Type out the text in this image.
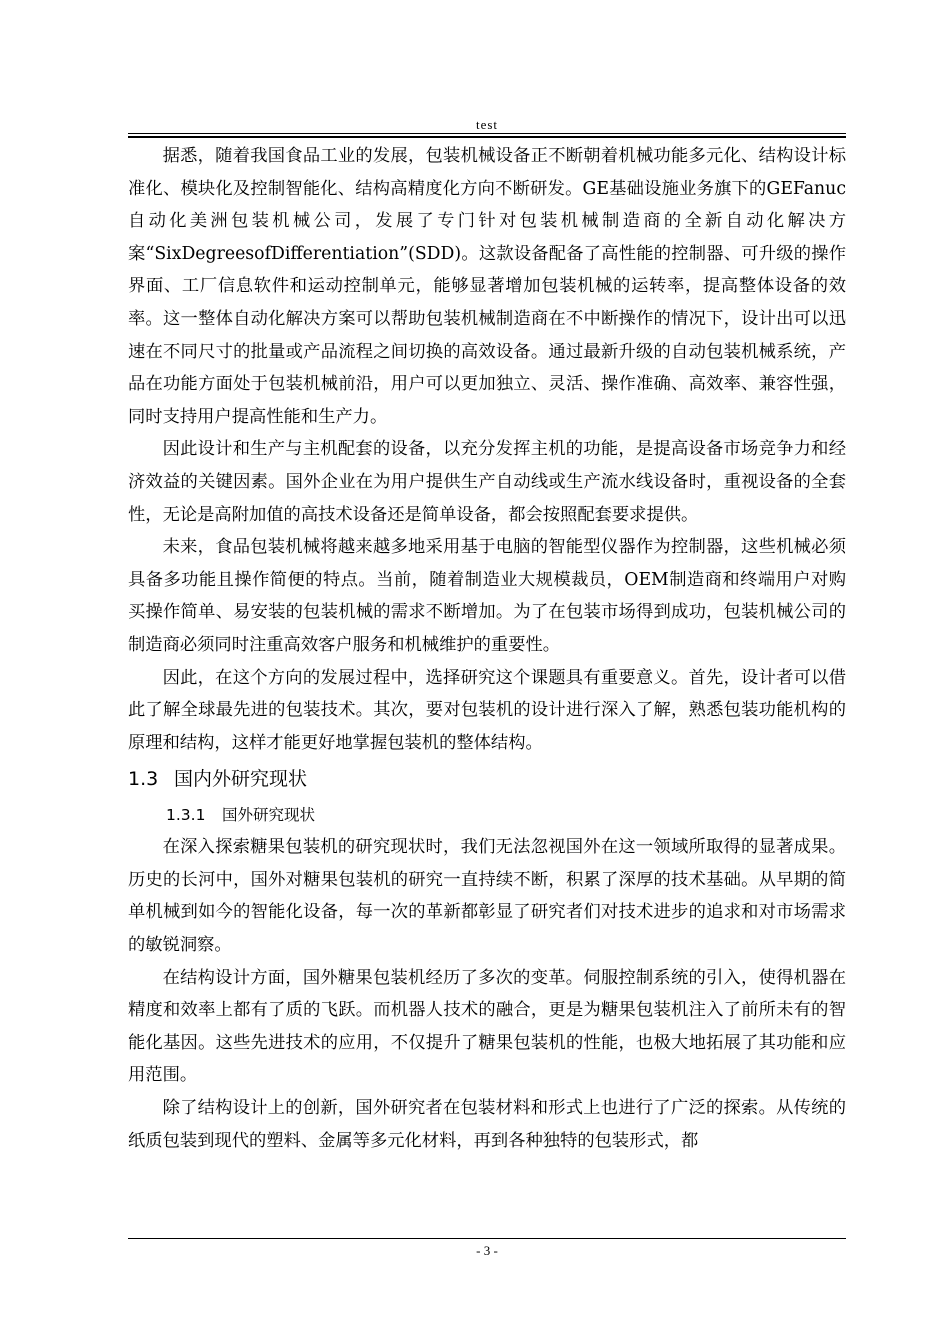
test

据悉，随着我国食品工业的发展，包装机械设备正不断朝着机械功能多元化、结构设计标准化、模块化及控制智能化、结构高精度化方向不断研发。GE基础设施业务旗下的GEFanuc自动化美洲包装机械公司，发展了专门针对包装机械制造商的全新自动化解决方案“SixDegreesofDifferentiation”(SDD)。这款设备配备了高性能的控制器、可升级的操作界面、工厂信息软件和运动控制单元，能够显著增加包装机械的运转率，提高整体设备的效率。这一整体自动化解决方案可以帮助包装机械制造商在不中断操作的情况下，设计出可以迅速在不同尺寸的批量或产品流程之间切换的高效设备。通过最新升级的自动包装机械系统，产品在功能方面处于包装机械前沿，用户可以更加独立、灵活、操作准确、高效率、兼容性强，同时支持用户提高性能和生产力。

因此设计和生产与主机配套的设备，以充分发挥主机的功能，是提高设备市场竞争力和经济效益的关键因素。国外企业在为用户提供生产自动线或生产流水线设备时，重视设备的全套性，无论是高附加值的高技术设备还是简单设备，都会按照配套要求提供。

未来，食品包装机械将越来越多地采用基于电脑的智能型仪器作为控制器，这些机械必须具备多功能且操作简便的特点。当前，随着制造业大规模裁员，OEM制造商和终端用户对购买操作简单、易安装的包装机械的需求不断增加。为了在包装市场得到成功，包装机械公司的制造商必须同时注重高效客户服务和机械维护的重要性。

因此，在这个方向的发展过程中，选择研究这个课题具有重要意义。首先，设计者可以借此了解全球最先进的包装技术。其次，要对包装机的设计进行深入了解，熟悉包装功能机构的原理和结构，这样才能更好地掌握包装机的整体结构。

1.3 国内外研究现状
1.3.1 国外研究现状

在深入探索糖果包装机的研究现状时，我们无法忽视国外在这一领域所取得的显著成果。历史的长河中，国外对糖果包装机的研究一直持续不断，积累了深厚的技术基础。从早期的简单机械到如今的智能化设备，每一次的革新都彰显了研究者们对技术进步的追求和对市场需求的敏锐洞察。

在结构设计方面，国外糖果包装机经历了多次的变革。伺服控制系统的引入，使得机器在精度和效率上都有了质的飞跃。而机器人技术的融合，更是为糖果包装机注入了前所未有的智能化基因。这些先进技术的应用，不仅提升了糖果包装机的性能，也极大地拓展了其功能和应用范围。

除了结构设计上的创新，国外研究者在包装材料和形式上也进行了广泛的探索。从传统的纸质包装到现代的塑料、金属等多元化材料，再到各种独特的包装形式，都

- 3 -
